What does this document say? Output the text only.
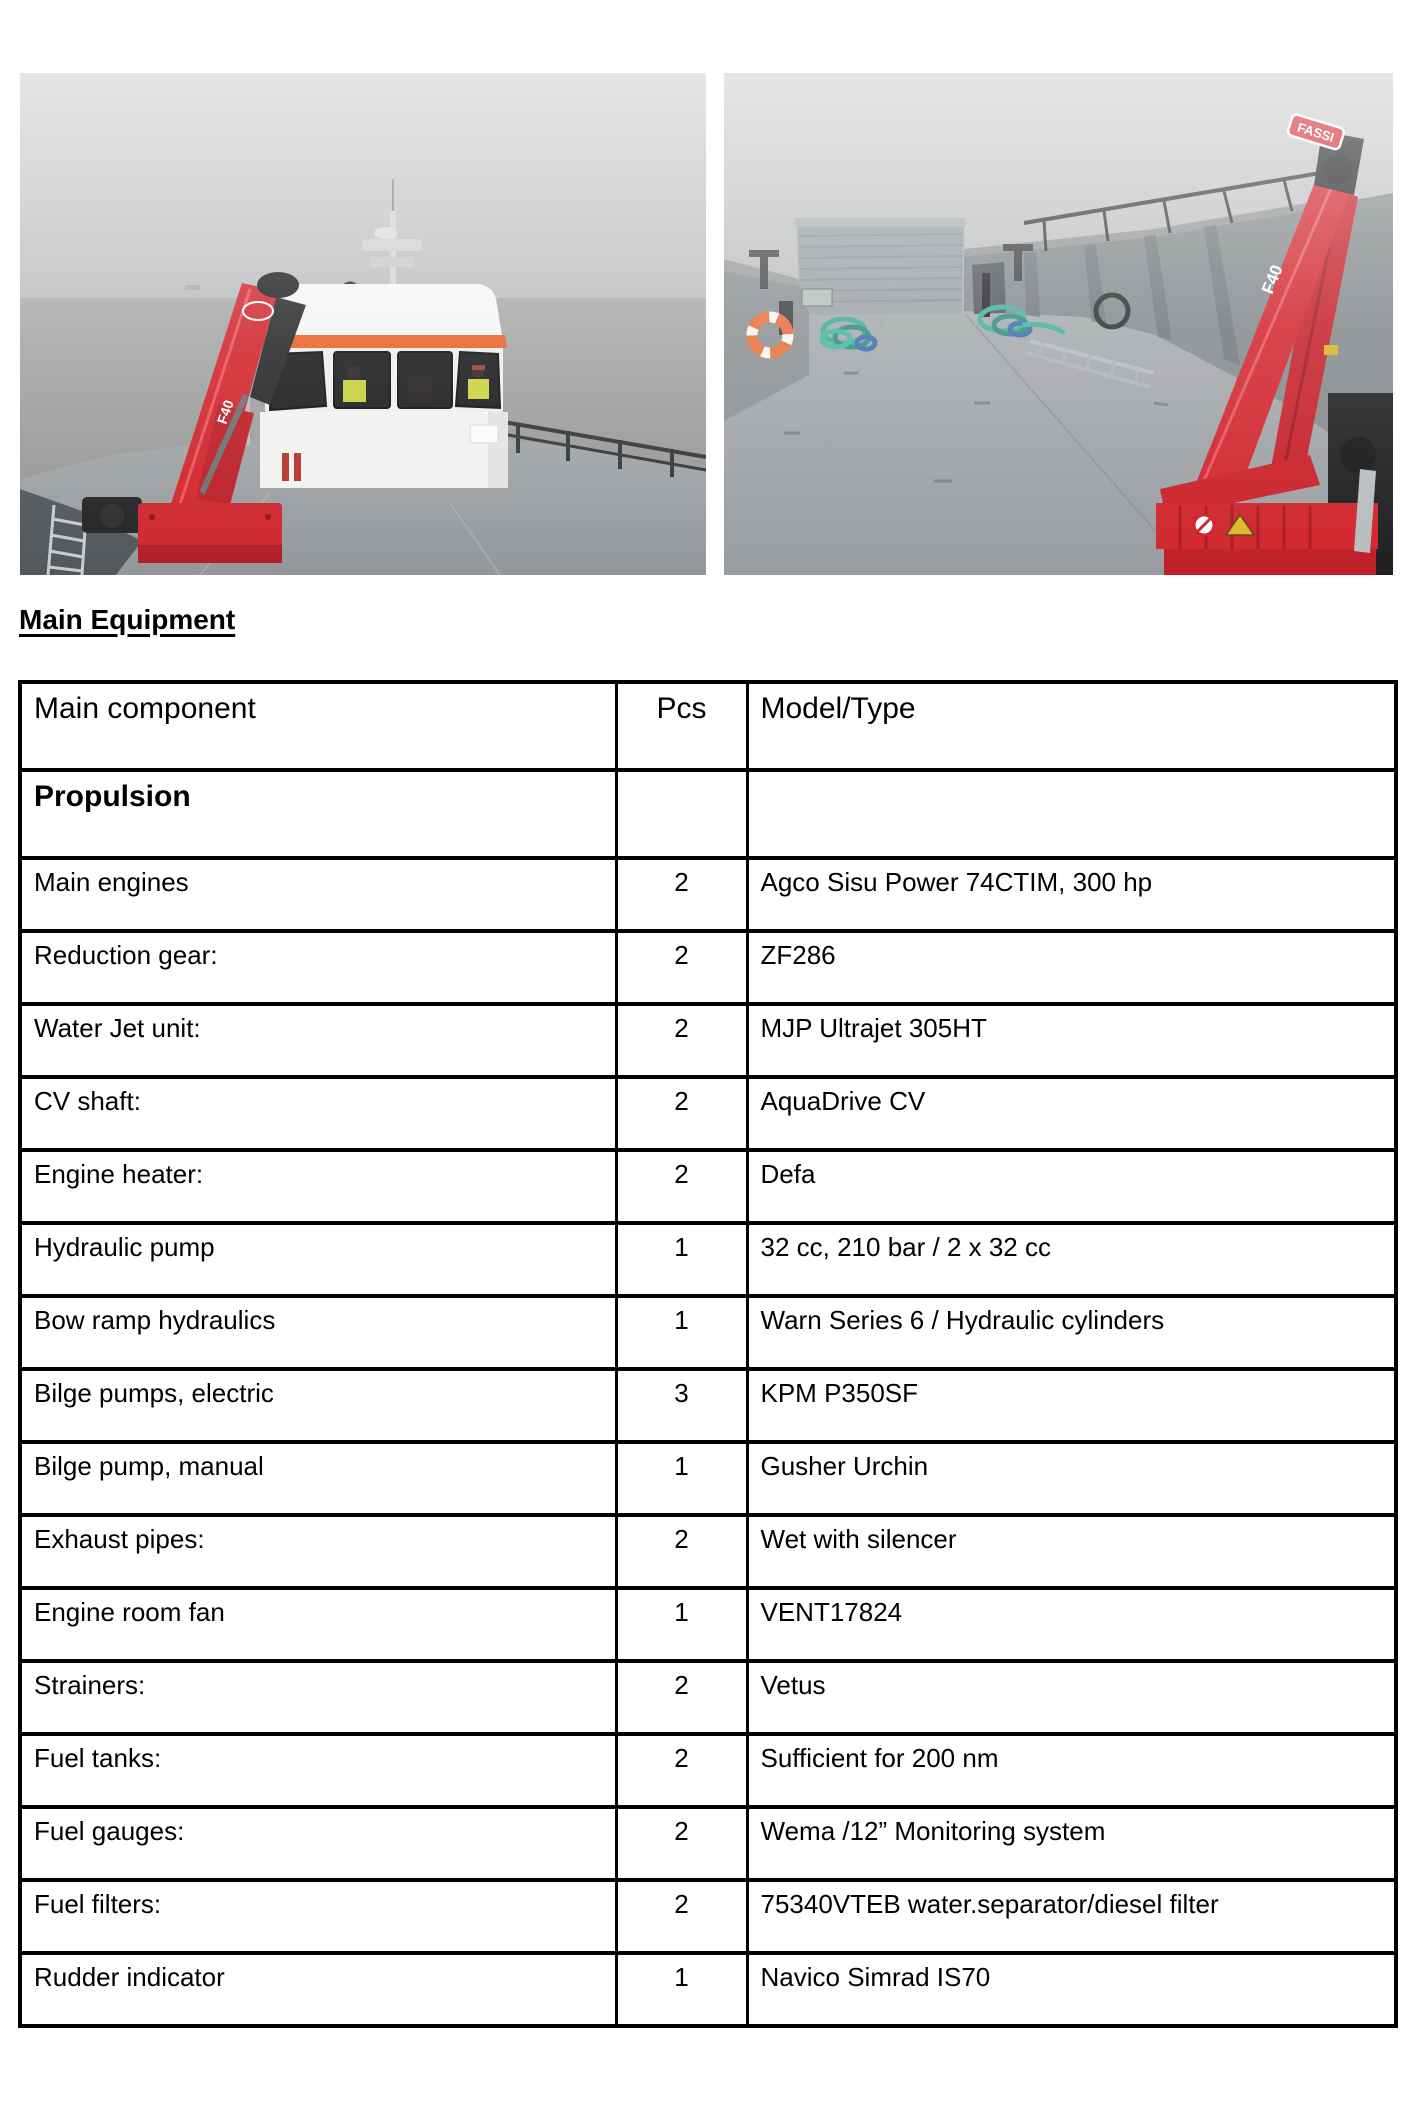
Main Equipment
Main component	Pcs	Model/Type
Propulsion		
Main engines	2	Agco Sisu Power 74CTIM, 300 hp
Reduction gear:	2	ZF286
Water Jet unit:	2	MJP Ultrajet 305HT
CV shaft:	2	AquaDrive CV
Engine heater:	2	Defa
Hydraulic pump	1	32 cc, 210 bar / 2 x 32 cc
Bow ramp hydraulics	1	Warn Series 6 / Hydraulic cylinders
Bilge pumps, electric	3	KPM P350SF
Bilge pump, manual	1	Gusher Urchin
Exhaust pipes:	2	Wet with silencer
Engine room fan	1	VENT17824
Strainers:	2	Vetus
Fuel tanks:	2	Sufficient for 200 nm
Fuel gauges:	2	Wema /12” Monitoring system
Fuel filters:	2	75340VTEB water.separator/diesel filter
Rudder indicator	1	Navico Simrad IS70
